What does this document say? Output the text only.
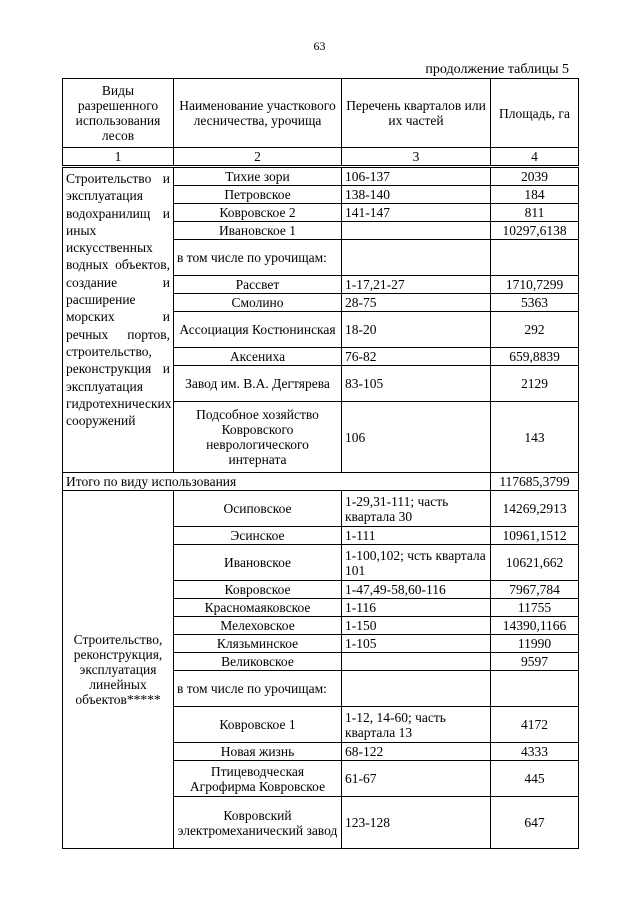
63
продолжение таблицы 5
Виды разрешенного использования лесов	Наименование участкового лесничества, урочища	Перечень кварталов или их частей	Площадь, га
1	2	3	4
Строительство и эксплуатация водохранилищ и иных искусственных водных объектов, создание и расширение морских и речных портов, строительство, реконструкция и эксплуатация гидротехнических сооружений	Тихие зори	106-137	2039
	Петровское	138-140	184
	Ковровское 2	141-147	811
	Ивановское 1		10297,6138
	в том числе по урочищам:		
	Рассвет	1-17,21-27	1710,7299
	Смолино	28-75	5363
	Ассоциация Костюнинская	18-20	292
	Аксениха	76-82	659,8839
	Завод им. В.А. Дегтярева	83-105	2129
	Подсобное хозяйство Ковровского неврологического интерната	106	143
Итого по виду использования			117685,3799
Строительство, реконструкция, эксплуатация линейных объектов*****	Осиповское	1-29,31-111; часть квартала 30	14269,2913
	Эсинское	1-111	10961,1512
	Ивановское	1-100,102; чсть квартала 101	10621,662
	Ковровское	1-47,49-58,60-116	7967,784
	Красномаяковское	1-116	11755
	Мелеховское	1-150	14390,1166
	Клязьминское	1-105	11990
	Великовское		9597
	в том числе по урочищам:		
	Ковровское 1	1-12, 14-60; часть квартала 13	4172
	Новая жизнь	68-122	4333
	Птицеводческая Агрофирма Ковровское	61-67	445
	Ковровский электромеханический завод	123-128	647
